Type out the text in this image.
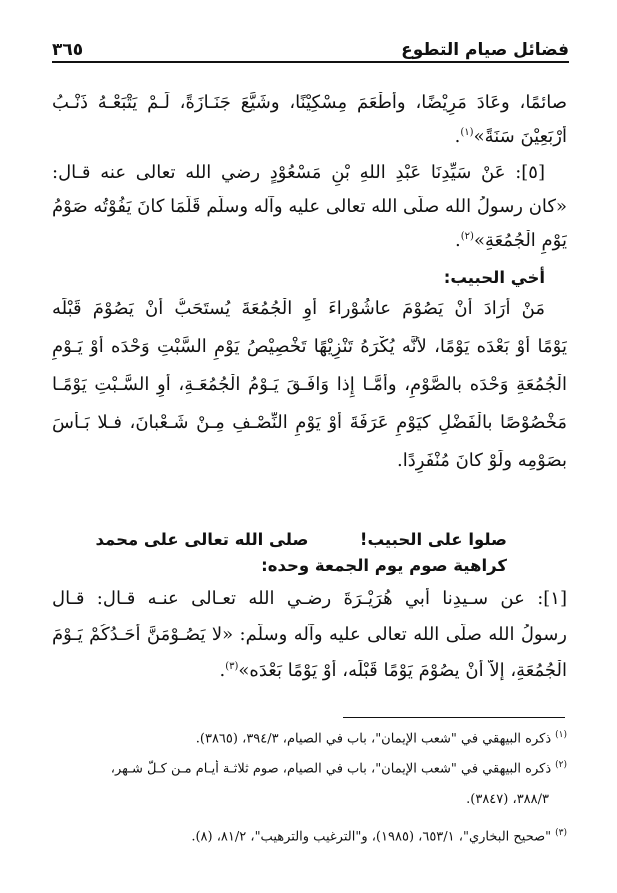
فضائل صيام التطوع
٣٦٥
صائمًا، وعَادَ مَرِيْضًا، وأَطْعَمَ مِسْكِيْنًا، وشَيَّعَ جَنَـازَةً، لَـمْ يَتْبَعْـهُ ذَنْـبُ
أَرْبَعِيْنَ سَنَةً»$^{(١)}$.
[٥]: عَنْ سَيِّدِنَا عَبْدِ اللهِ بْنِ مَسْعُوْدٍ رضي الله تعالى عنه قـال:
«كان رسولُ الله صلّى الله تعالى عليه وآله وسلّم قَلَّمَا كانَ يَفُوْتُه صَوْمُ
يَوْمِ الْجُمُعَةِ»$^{(٢)}$.
أخي الحبيب:
مَنْ أَرَادَ أَنْ يَصُوْمَ عاشُوْراءَ أَوِ الْجُمُعَةَ يُستَحَبُّ أَنْ يَصُوْمَ قَبْلَه
يَوْمًا أَوْ بَعْدَه يَوْمًا، لأنَّه يُكْرَهُ تَنْزِيْهًا تَخْصِيْصُ يَوْمِ السَّبْتِ وَحْدَه أَوْ يَـوْمِ
الْجُمُعَةِ وَحْدَه بالصَّوْمِ، وأَمَّـا إِذا وَافَـقَ يَـوْمُ الْجُمُعَـةِ، أَوِ السَّـبْتِ يَوْمًـا
مَخْصُوْصًا بالْفَضْلِ كيَوْمِ عَرَفَةَ أَوْ يَوْمِ النِّصْـفِ مِـنْ شَـعْبانَ، فـلا بَـأْسَ
بصَوْمِه ولَوْ كانَ مُنْفَرِدًا.
صلوا على الحبيب!  صلى الله تعالى على محمد
كراهية صوم يوم الجمعة وحده:
[١]: عن سـيدِنا أبي هُرَيْـرَةَ رضـي الله تعـالى عنـه قـال: قـال
رسولُ الله صلّى الله تعالى عليه وآله وسلّم: «لا يَصُـوْمَنَّ أَحَـدُكُمْ يَـوْمَ
الْجُمُعَةِ، إلاّ أَنْ يصُوْمَ يَوْمًا قَبْلَه، أَوْ يَوْمًا بَعْدَه»$^{(٣)}$.
$^{(١)}$ذكره البيهقي في "شعب الإيمان"، باب في الصيام، ٣٩٤/٣، (٣٨٦٥).
$^{(٢)}$ذكره البيهقي في "شعب الإيمان"، باب في الصيام، صوم ثلاثـة أيـام مـن كـلّ شـهر،
٣٨٨/٣، (٣٨٤٧).
$^{(٣)}$"صحيح البخاري"، ٦٥٣/١، (١٩٨٥)، و"الترغيب والترهيب"، ٨١/٢، (٨).
